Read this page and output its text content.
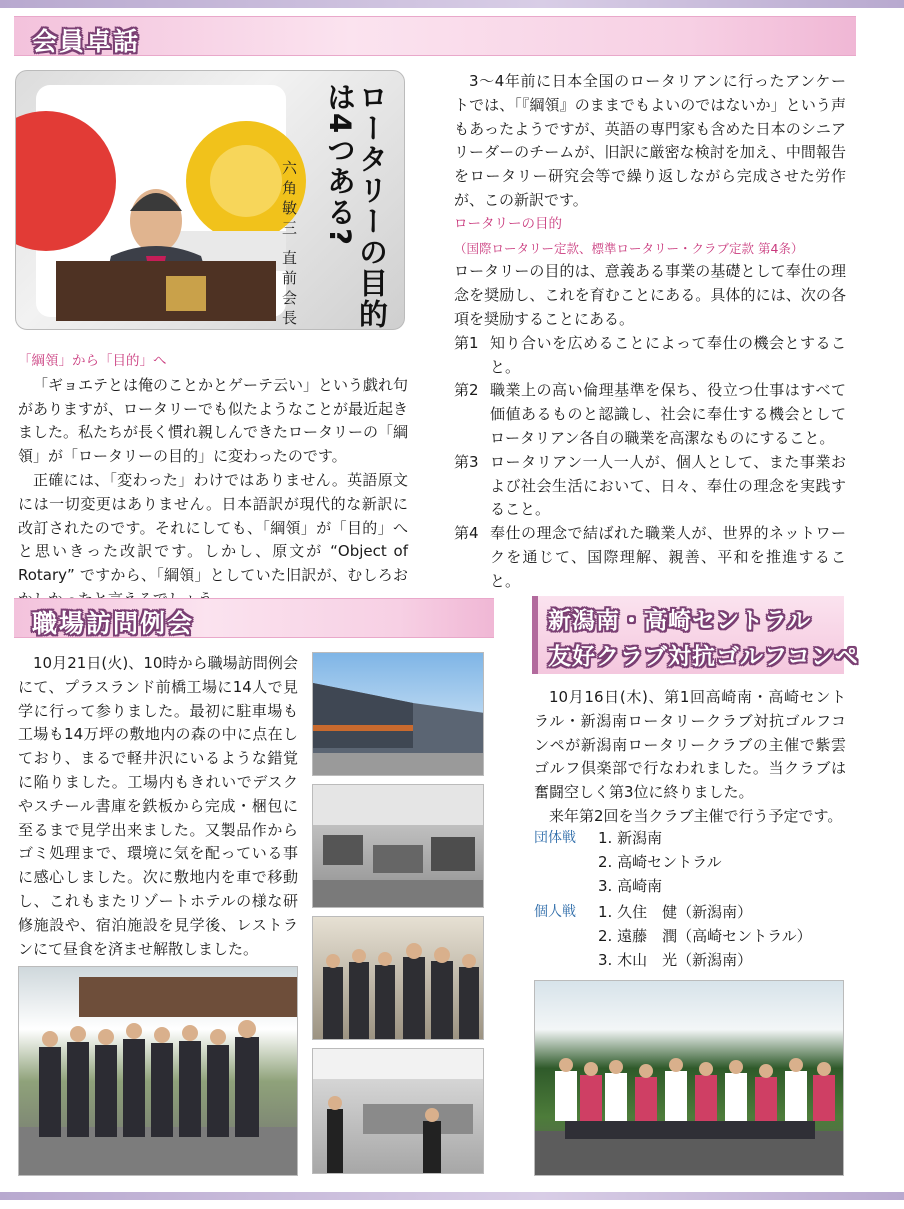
会員卓話
ロータリーの目的は4つある?
六角敏三 直前会長
「綱領」から「目的」へ
「ギョエテとは俺のことかとゲーテ云い」という戯れ句がありますが、ロータリーでも似たようなことが最近起きました。私たちが長く慣れ親しんできたロータリーの「綱領」が「ロータリーの目的」に変わったのです。
正確には、「変わった」わけではありません。英語原文には一切変更はありません。日本語訳が現代的な新訳に改訂されたのです。それにしても、「綱領」が「目的」へと思いきった改訳です。しかし、原文が “Object of Rotary” ですから、「綱領」としていた旧訳が、むしろお
3～4年前に日本全国のロータリアンに行ったアンケートでは、「『綱領』のままでもよいのではないか」という声もあったようですが、英語の専門家も含めた日本のシニアリーダーのチームが、旧訳に厳密な検討を加え、中間報告をロータリー研究会等で繰り返しながら完成させた労作が、この新訳です。
ロータリーの目的
（国際ロータリー定款、標準ロータリー・クラブ定款 第4条）
ロータリーの目的は、意義ある事業の基礎として奉仕の理念を奨励し、これを育むことにある。具体的には、次の各項を奨励することにある。
第1 知り合いを広めることによって奉仕の機会とすること。
第2 職業上の高い倫理基準を保ち、役立つ仕事はすべて価値あるものと認識し、社会に奉仕する機会としてロータリアン各自の職業を高潔なものにすること。
第3 ロータリアン一人一人が、個人として、また事業および社会生活において、日々、奉仕の理念を実践すること。
第4 奉仕の理念で結ばれた職業人が、世界的ネットワークを通じて、国際理解、親善、平和を推進すること。
職場訪問例会
10月21日(火)、10時から職場訪問例会にて、プラスランド前橋工場に14人で見学に行って参りました。最初に駐車場も工場も14万坪の敷地内の森の中に点在しており、まるで軽井沢にいるような錯覚に陥りました。工場内もきれいでデスクやスチール書庫を鉄板から完成・梱包に至るまで見学出来ました。又製品作からゴミ処理まで、環境に気を配っている事に感心しました。次に敷地内を車で移動し、これもまたリゾートホテルの様な研修施設や、宿泊施設を見学後、レストランにて昼食を済ませ解散しました。
新潟南・高崎セントラル
友好クラブ対抗ゴルフコンペ
10月16日(木)、第1回高崎南・高崎セントラル・新潟南ロータリークラブ対抗ゴルフコンペが新潟南ロータリークラブの主催で紫雲ゴルフ倶楽部で行なわれました。当クラブは奮闘空しく第3位に終りました。
来年第2回を当クラブ主催で行う予定です。
団体戦	1. 新潟南
2. 高崎セントラル
3. 高崎南
個人戦	1. 久住　健（新潟南）
2. 遠藤　潤（高崎セントラル）
3. 木山　光（新潟南）
